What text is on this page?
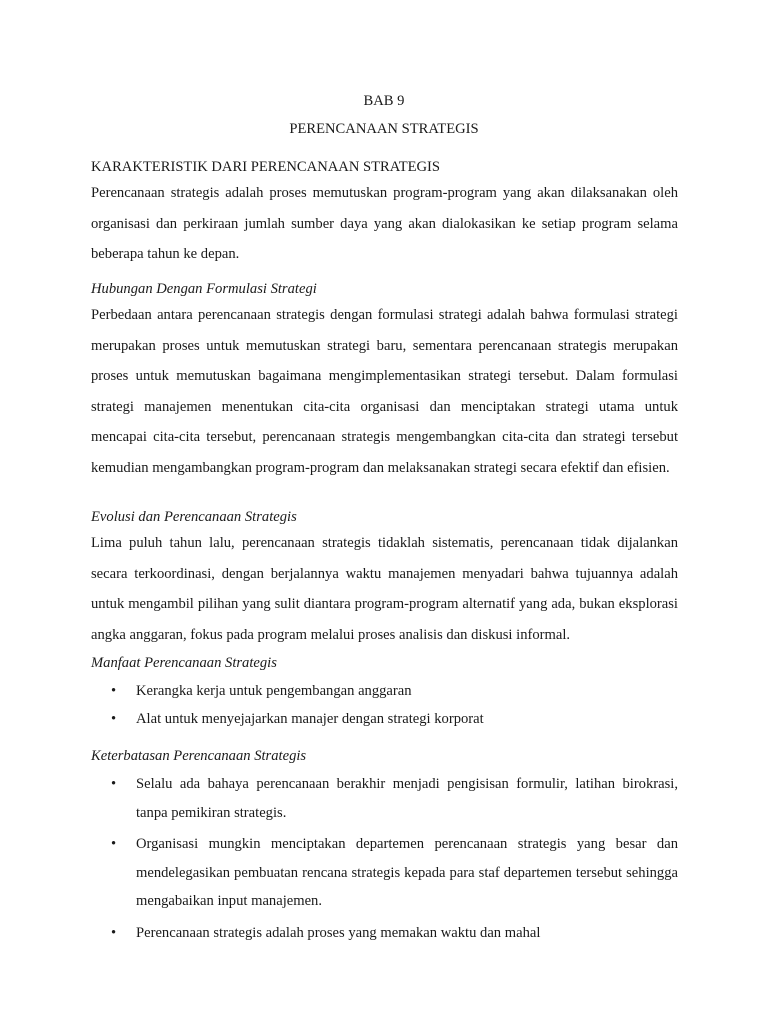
BAB 9
PERENCANAAN STRATEGIS
KARAKTERISTIK DARI PERENCANAAN STRATEGIS

Perencanaan strategis adalah proses memutuskan program-program yang akan dilaksanakan oleh organisasi dan perkiraan jumlah sumber daya yang akan dialokasikan ke setiap program selama beberapa tahun ke depan.

Hubungan Dengan Formulasi Strategi

Perbedaan antara perencanaan strategis dengan formulasi strategi adalah bahwa formulasi strategi merupakan proses untuk memutuskan strategi baru, sementara perencanaan strategis merupakan proses untuk memutuskan bagaimana mengimplementasikan strategi tersebut. Dalam formulasi strategi manajemen menentukan cita-cita organisasi dan menciptakan strategi utama untuk mencapai cita-cita tersebut, perencanaan strategis mengembangkan cita-cita dan strategi tersebut kemudian mengambangkan program-program dan melaksanakan strategi secara efektif dan efisien.

Evolusi dan Perencanaan Strategis

Lima puluh tahun lalu, perencanaan strategis tidaklah sistematis, perencanaan tidak dijalankan secara terkoordinasi, dengan berjalannya waktu manajemen menyadari bahwa tujuannya adalah untuk mengambil pilihan yang sulit diantara program-program alternatif yang ada, bukan eksplorasi angka anggaran, fokus pada program melalui proses analisis dan diskusi informal.

Manfaat Perencanaan Strategis
• Kerangka kerja untuk pengembangan anggaran
• Alat untuk menyejajarkan manajer dengan strategi korporat
Keterbatasan Perencanaan Strategis
• Selalu ada bahaya perencanaan berakhir menjadi pengisisan formulir, latihan birokrasi, tanpa pemikiran strategis.
• Organisasi mungkin menciptakan departemen perencanaan strategis yang besar dan mendelegasikan pembuatan rencana strategis kepada para staf departemen tersebut sehingga mengabaikan input manajemen.
• Perencanaan strategis adalah proses yang memakan waktu dan mahal
